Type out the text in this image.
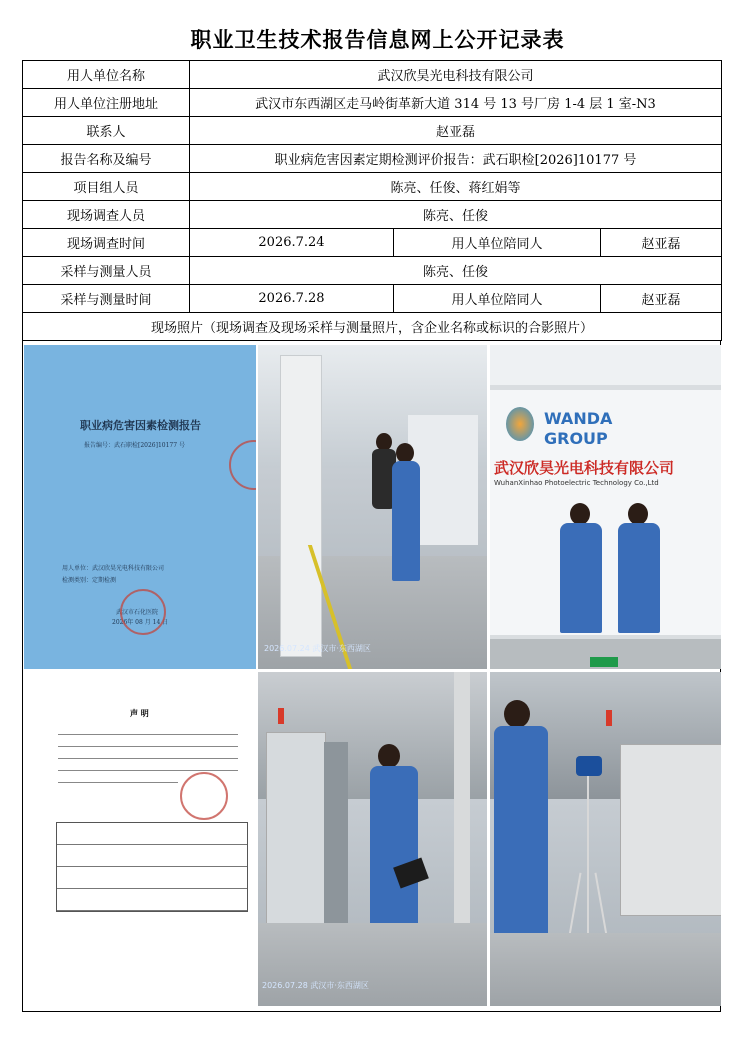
职业卫生技术报告信息网上公开记录表
用人单位名称	武汉欣昊光电科技有限公司		
用人单位注册地址	武汉市东西湖区走马岭街革新大道 314 号 13 号厂房 1-4 层 1 室-N3		
联系人	赵亚磊		
报告名称及编号	职业病危害因素定期检测评价报告：武石职检[2026]10177 号		
项目组人员	陈亮、任俊、蒋红娟等		
现场调查人员	陈亮、任俊		
现场调查时间	2026.7.24	用人单位陪同人	赵亚磊
采样与测量人员	陈亮、任俊		
采样与测量时间	2026.7.28	用人单位陪同人	赵亚磊
现场照片（现场调查及现场采样与测量照片，含企业名称或标识的合影照片）			
职业病危害因素检测报告
报告编号：武石职检[2026]10177 号
用人单位：武汉欣昊光电科技有限公司
检测类别：定期检测
武汉市石化医院
2026年 08 月 14 日
2026.07.24 武汉市·东西湖区
WANDA
GROUP
武汉欣昊光电科技有限公司
WuhanXinhao Photoelectric Technology Co.,Ltd
声 明
2026.07.28 武汉市·东西湖区
